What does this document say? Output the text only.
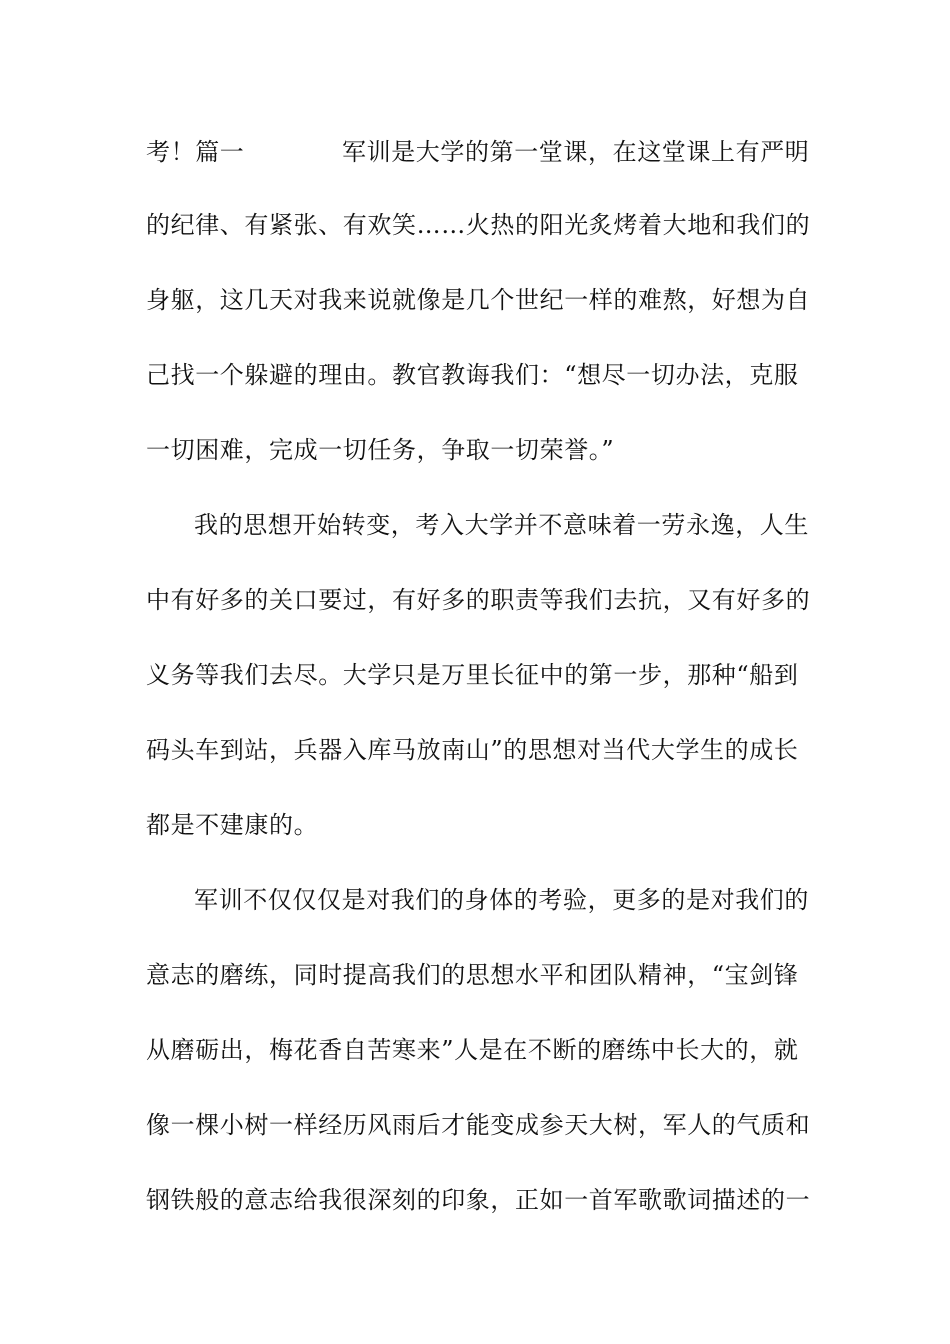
考！篇一	军训是大学的第一堂课，在这堂课上有严明
的纪律、有紧张、有欢笑……火热的阳光炙烤着大地和我们的
身躯，这几天对我来说就像是几个世纪一样的难熬，好想为自
己找一个躲避的理由。教官教诲我们：“想尽一切办法，克服
一切困难，完成一切任务，争取一切荣誉。”
我的思想开始转变，考入大学并不意味着一劳永逸，人生
中有好多的关口要过，有好多的职责等我们去抗，又有好多的
义务等我们去尽。大学只是万里长征中的第一步，那种“船到
码头车到站，兵器入库马放南山”的思想对当代大学生的成长
都是不建康的。
军训不仅仅仅是对我们的身体的考验，更多的是对我们的
意志的磨练，同时提高我们的思想水平和团队精神，“宝剑锋
从磨砺出，梅花香自苦寒来”人是在不断的磨练中长大的，就
像一棵小树一样经历风雨后才能变成参天大树，军人的气质和
钢铁般的意志给我很深刻的印象，正如一首军歌歌词描述的一
